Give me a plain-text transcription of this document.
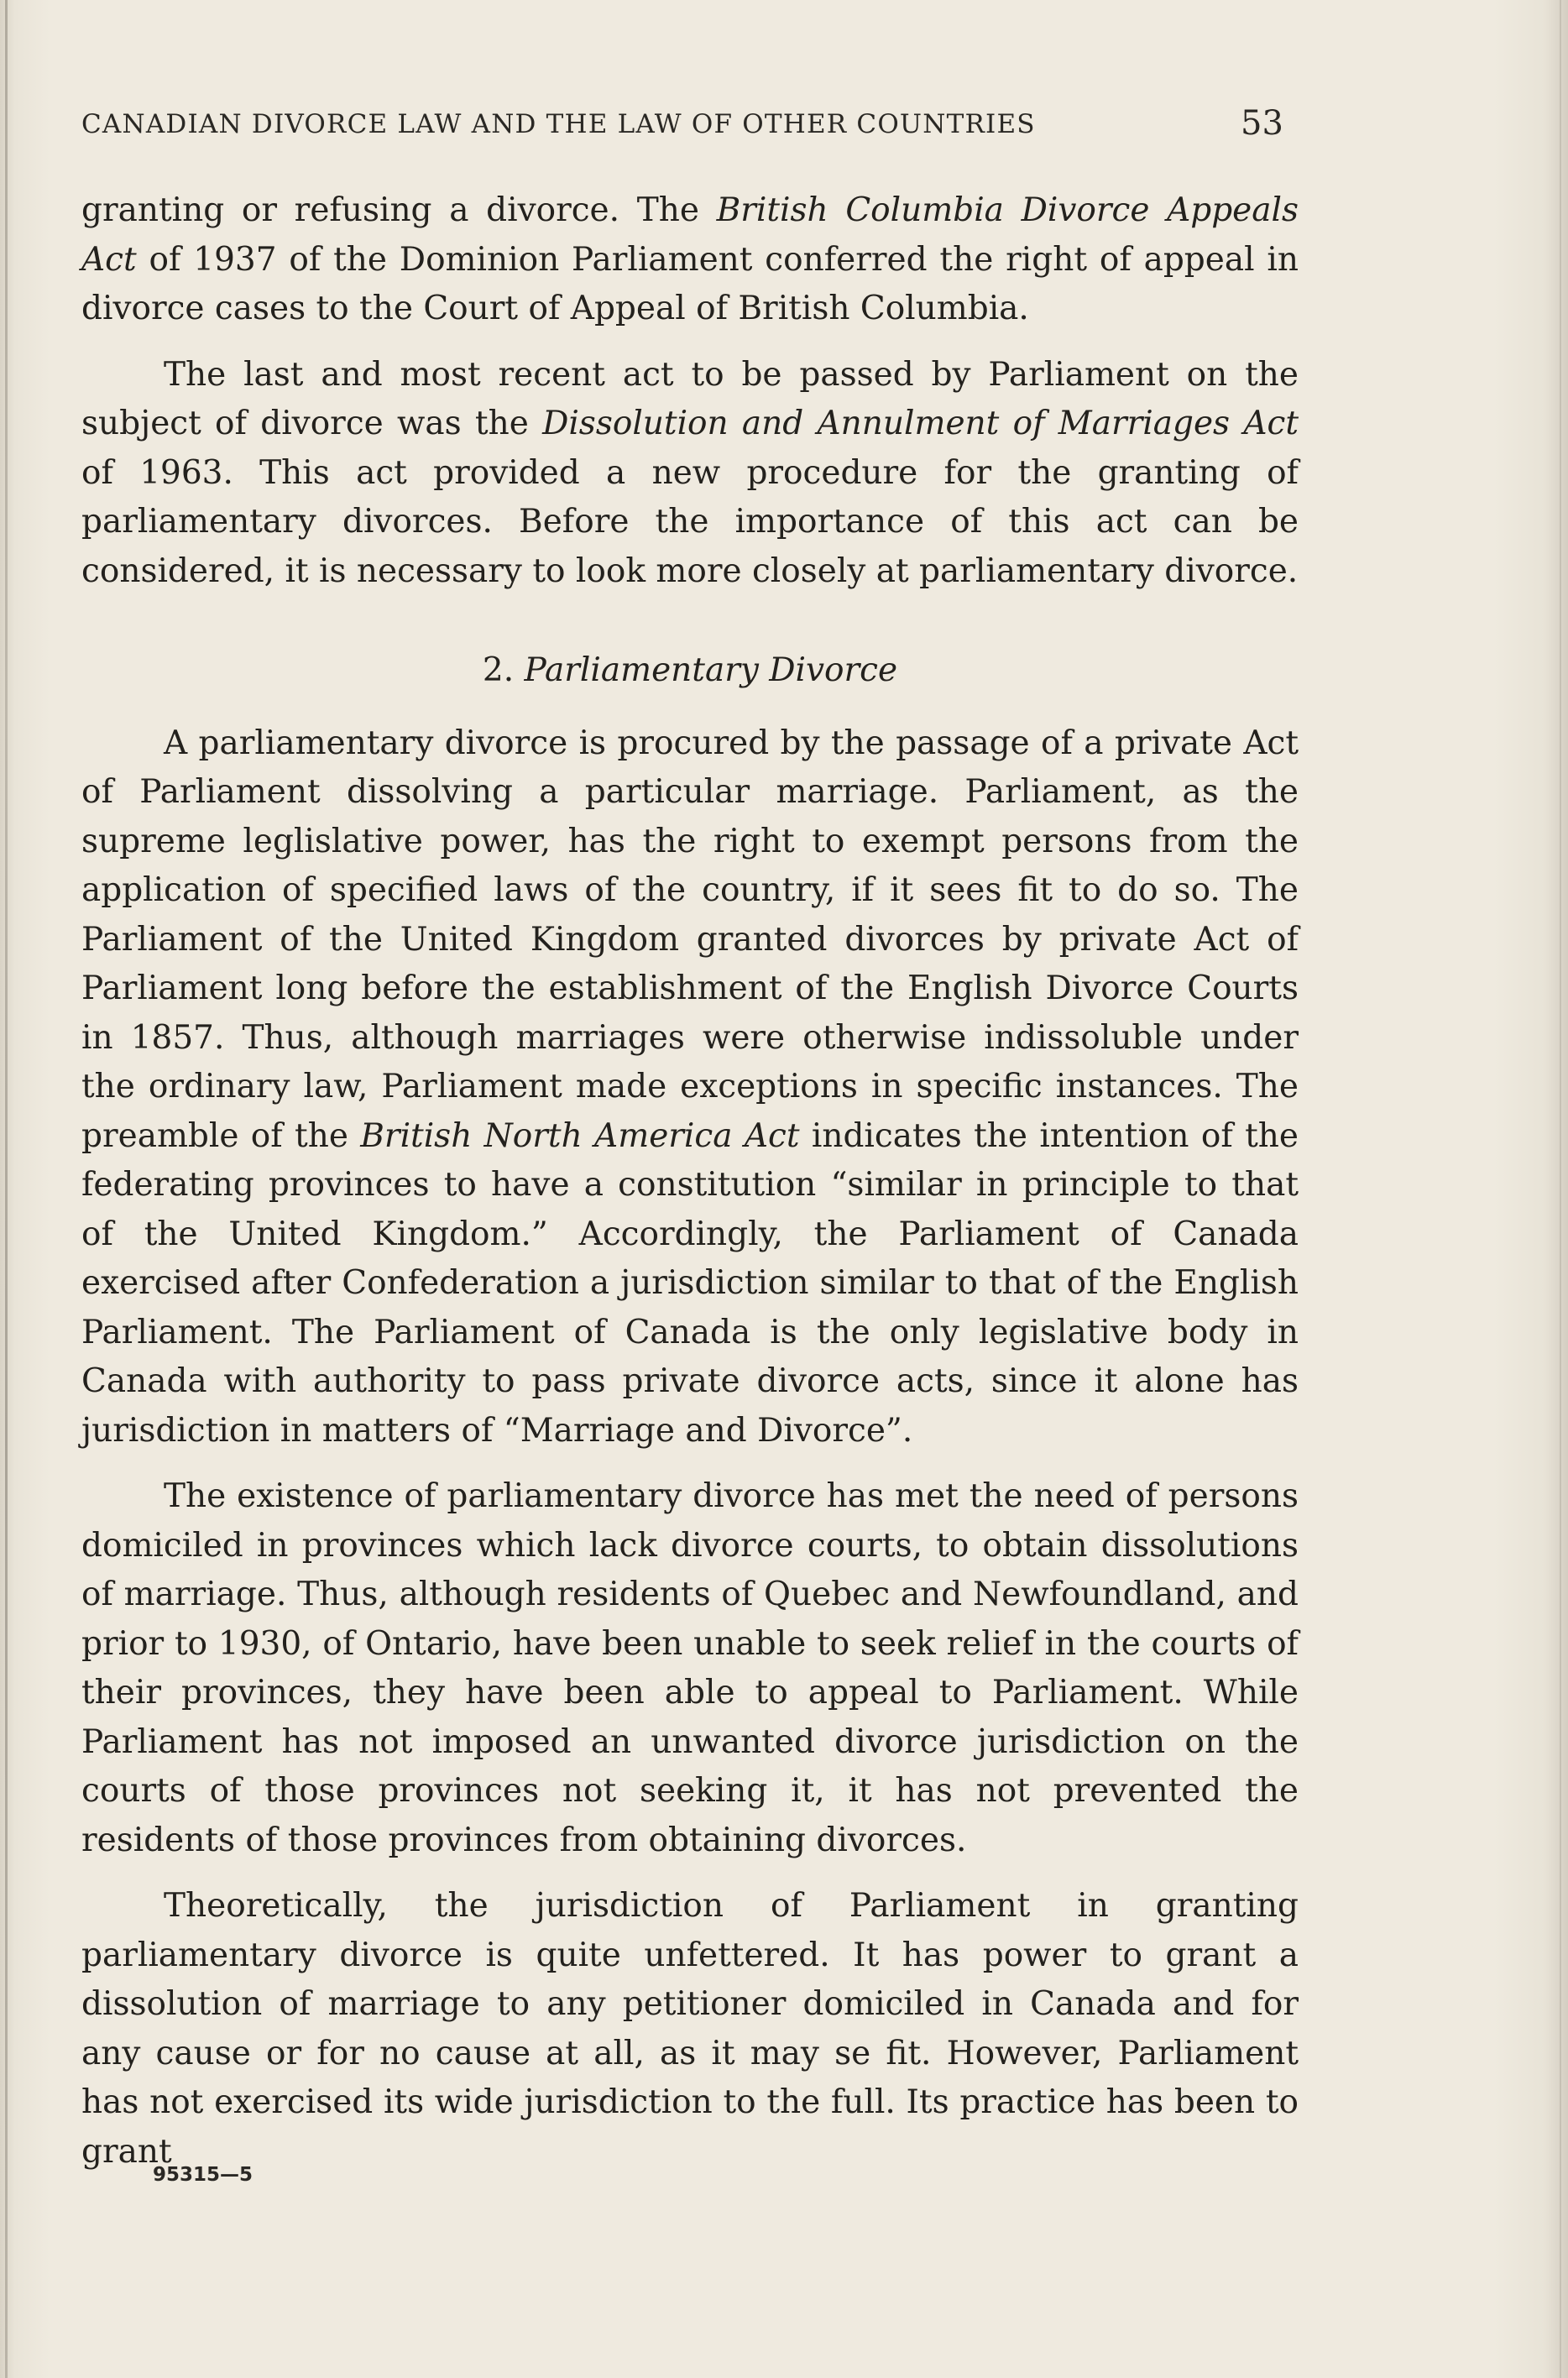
CANADIAN DIVORCE LAW AND THE LAW OF OTHER COUNTRIES	53

granting or refusing a divorce. The British Columbia Divorce Appeals Act of 1937 of the Dominion Parliament conferred the right of appeal in divorce cases to the Court of Appeal of British Columbia.

The last and most recent act to be passed by Parliament on the subject of divorce was the Dissolution and Annulment of Marriages Act of 1963. This act provided a new procedure for the granting of parliamentary divorces. Before the importance of this act can be considered, it is necessary to look more closely at parliamentary divorce.

2. Parliamentary Divorce

A parliamentary divorce is procured by the passage of a private Act of Parliament dissolving a particular marriage. Parliament, as the supreme leglislative power, has the right to exempt persons from the application of specified laws of the country, if it sees fit to do so. The Parliament of the United Kingdom granted divorces by private Act of Parliament long before the establishment of the English Divorce Courts in 1857. Thus, although marriages were otherwise indissoluble under the ordinary law, Parliament made exceptions in specific instances. The preamble of the British North America Act indicates the intention of the federating provinces to have a constitution “similar in principle to that of the United Kingdom.” Accordingly, the Parliament of Canada exercised after Confederation a jurisdiction similar to that of the English Parliament. The Parliament of Canada is the only legislative body in Canada with authority to pass private divorce acts, since it alone has jurisdiction in matters of “Marriage and Divorce”.

The existence of parliamentary divorce has met the need of persons domiciled in provinces which lack divorce courts, to obtain dissolutions of marriage. Thus, although residents of Quebec and Newfoundland, and prior to 1930, of Ontario, have been unable to seek relief in the courts of their provinces, they have been able to appeal to Parliament. While Parliament has not imposed an unwanted divorce jurisdiction on the courts of those provinces not seeking it, it has not prevented the residents of those provinces from obtaining divorces.

Theoretically, the jurisdiction of Parliament in granting parliamentary divorce is quite unfettered. It has power to grant a dissolution of marriage to any petitioner domiciled in Canada and for any cause or for no cause at all, as it may se fit. However, Parliament has not exercised its wide jurisdiction to the full. Its practice has been to grant

95315—5
